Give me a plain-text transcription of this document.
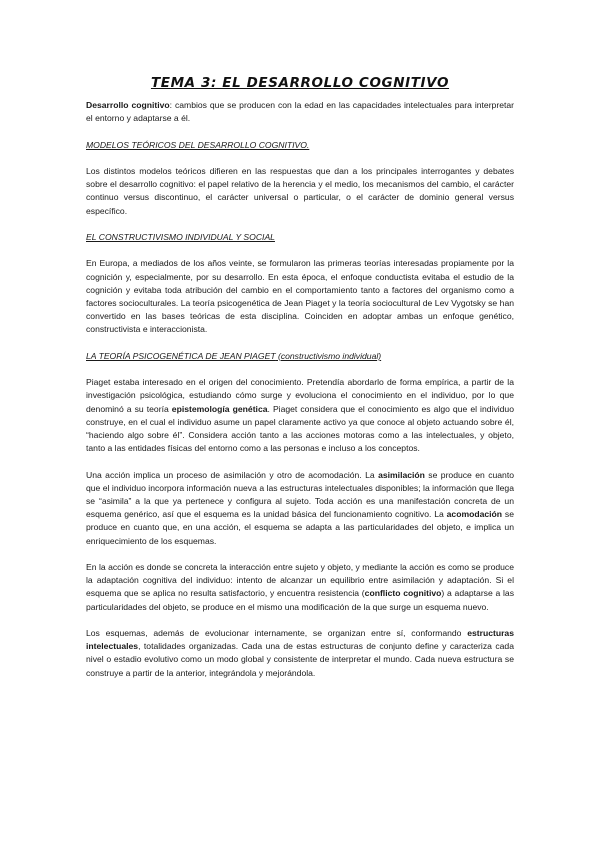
TEMA 3: EL DESARROLLO COGNITIVO

Desarrollo cognitivo: cambios que se producen con la edad en las capacidades intelectuales para interpretar el entorno y adaptarse a él.

MODELOS TEÓRICOS DEL DESARROLLO COGNITIVO.

Los distintos modelos teóricos difieren en las respuestas que dan a los principales interrogantes y debates sobre el desarrollo cognitivo: el papel relativo de la herencia y el medio, los mecanismos del cambio, el carácter continuo versus discontinuo, el carácter universal o particular, o el carácter de dominio general versus específico.

EL CONSTRUCTIVISMO INDIVIDUAL Y SOCIAL

En Europa, a mediados de los años veinte, se formularon las primeras teorías interesadas propiamente por la cognición y, especialmente, por su desarrollo. En esta época, el enfoque conductista evitaba el estudio de la cognición y evitaba toda atribución del cambio en el comportamiento tanto a factores del organismo como a factores socioculturales. La teoría psicogenética de Jean Piaget y la teoría sociocultural de Lev Vygotsky se han convertido en las bases teóricas de esta disciplina. Coinciden en adoptar ambas un enfoque genético, constructivista e interaccionista.

LA TEORÍA PSICOGENÉTICA DE JEAN PIAGET (constructivismo individual)

Piaget estaba interesado en el origen del conocimiento. Pretendía abordarlo de forma empírica, a partir de la investigación psicológica, estudiando cómo surge y evoluciona el conocimiento en el individuo, por lo que denominó a su teoría epistemología genética. Piaget considera que el conocimiento es algo que el individuo construye, en el cual el individuo asume un papel claramente activo ya que conoce al objeto actuando sobre él, “haciendo algo sobre él”. Considera acción tanto a las acciones motoras como a las intelectuales, y objeto, tanto a las entidades físicas del entorno como a las personas e incluso a los conceptos.

Una acción implica un proceso de asimilación y otro de acomodación. La asimilación se produce en cuanto que el individuo incorpora información nueva a las estructuras intelectuales disponibles; la información que llega se “asimila” a la que ya pertenece y configura al sujeto. Toda acción es una manifestación concreta de un esquema genérico, así que el esquema es la unidad básica del funcionamiento cognitivo. La acomodación se produce en cuanto que, en una acción, el esquema se adapta a las particularidades del objeto, e implica un enriquecimiento de los esquemas.

En la acción es donde se concreta la interacción entre sujeto y objeto, y mediante la acción es como se produce la adaptación cognitiva del individuo: intento de alcanzar un equilibrio entre asimilación y adaptación. Si el esquema que se aplica no resulta satisfactorio, y encuentra resistencia (conflicto cognitivo) a adaptarse a las particularidades del objeto, se produce en el mismo una modificación de la que surge un esquema nuevo.

Los esquemas, además de evolucionar internamente, se organizan entre sí, conformando estructuras intelectuales, totalidades organizadas. Cada una de estas estructuras de conjunto define y caracteriza cada nivel o estadio evolutivo como un modo global y consistente de interpretar el mundo. Cada nueva estructura se construye a partir de la anterior, integrándola y mejorándola.
